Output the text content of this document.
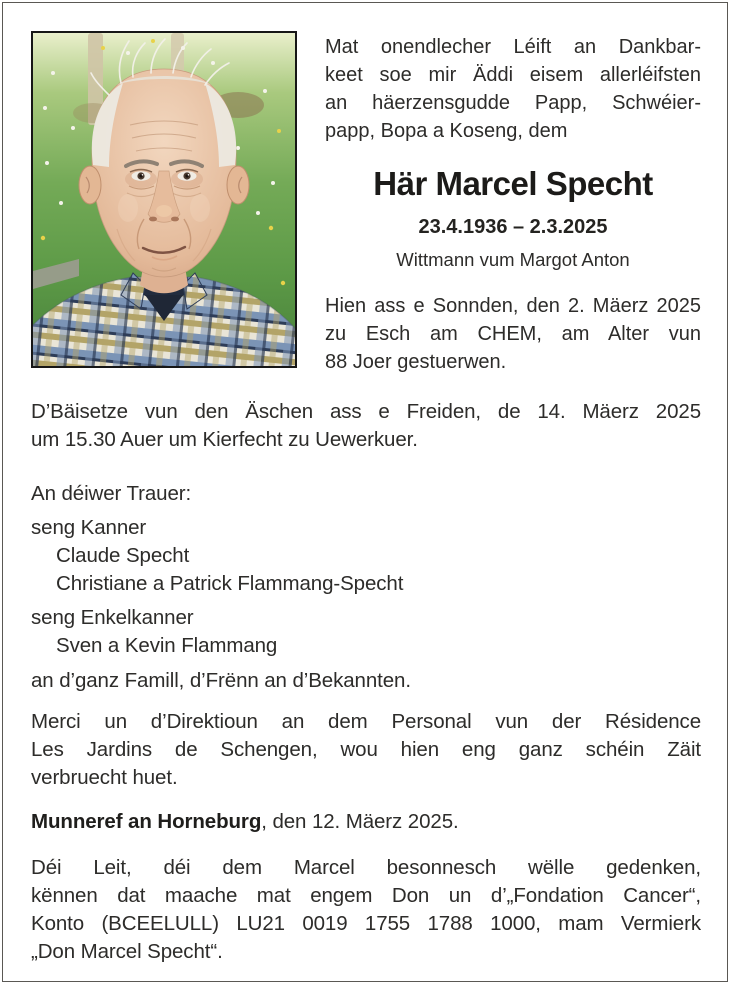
Mat onendlecher Léift an Dankbar-
keet soe mir Äddi eisem allerléifsten
an häerzensgudde Papp, Schwéier-
papp, Bopa a Koseng, dem
Här Marcel Specht
23.4.1936 – 2.3.2025
Wittmann vum Margot Anton
Hien ass e Sonnden, den 2. Mäerz 2025
zu Esch am CHEM, am Alter vun
88 Joer gestuerwen.
D’Bäisetze vun den Äschen ass e Freiden, de 14. Mäerz 2025
um 15.30 Auer um Kierfecht zu Uewerkuer.
An déiwer Trauer:
seng Kanner
Claude Specht
Christiane a Patrick Flammang-Specht
seng Enkelkanner
Sven a Kevin Flammang
an d’ganz Famill, d’Frënn an d’Bekannten.
Merci un d’Direktioun an dem Personal vun der Résidence
Les Jardins de Schengen, wou hien eng ganz schéin Zäit
verbruecht huet.
Munneref an Horneburg, den 12. Mäerz 2025.
Déi Leit, déi dem Marcel besonnesch wëlle gedenken,
kënnen dat maache mat engem Don un d’„Fondation Cancer“,
Konto (BCEELULL) LU21 0019 1755 1788 1000, mam Vermierk
„Don Marcel Specht“.
